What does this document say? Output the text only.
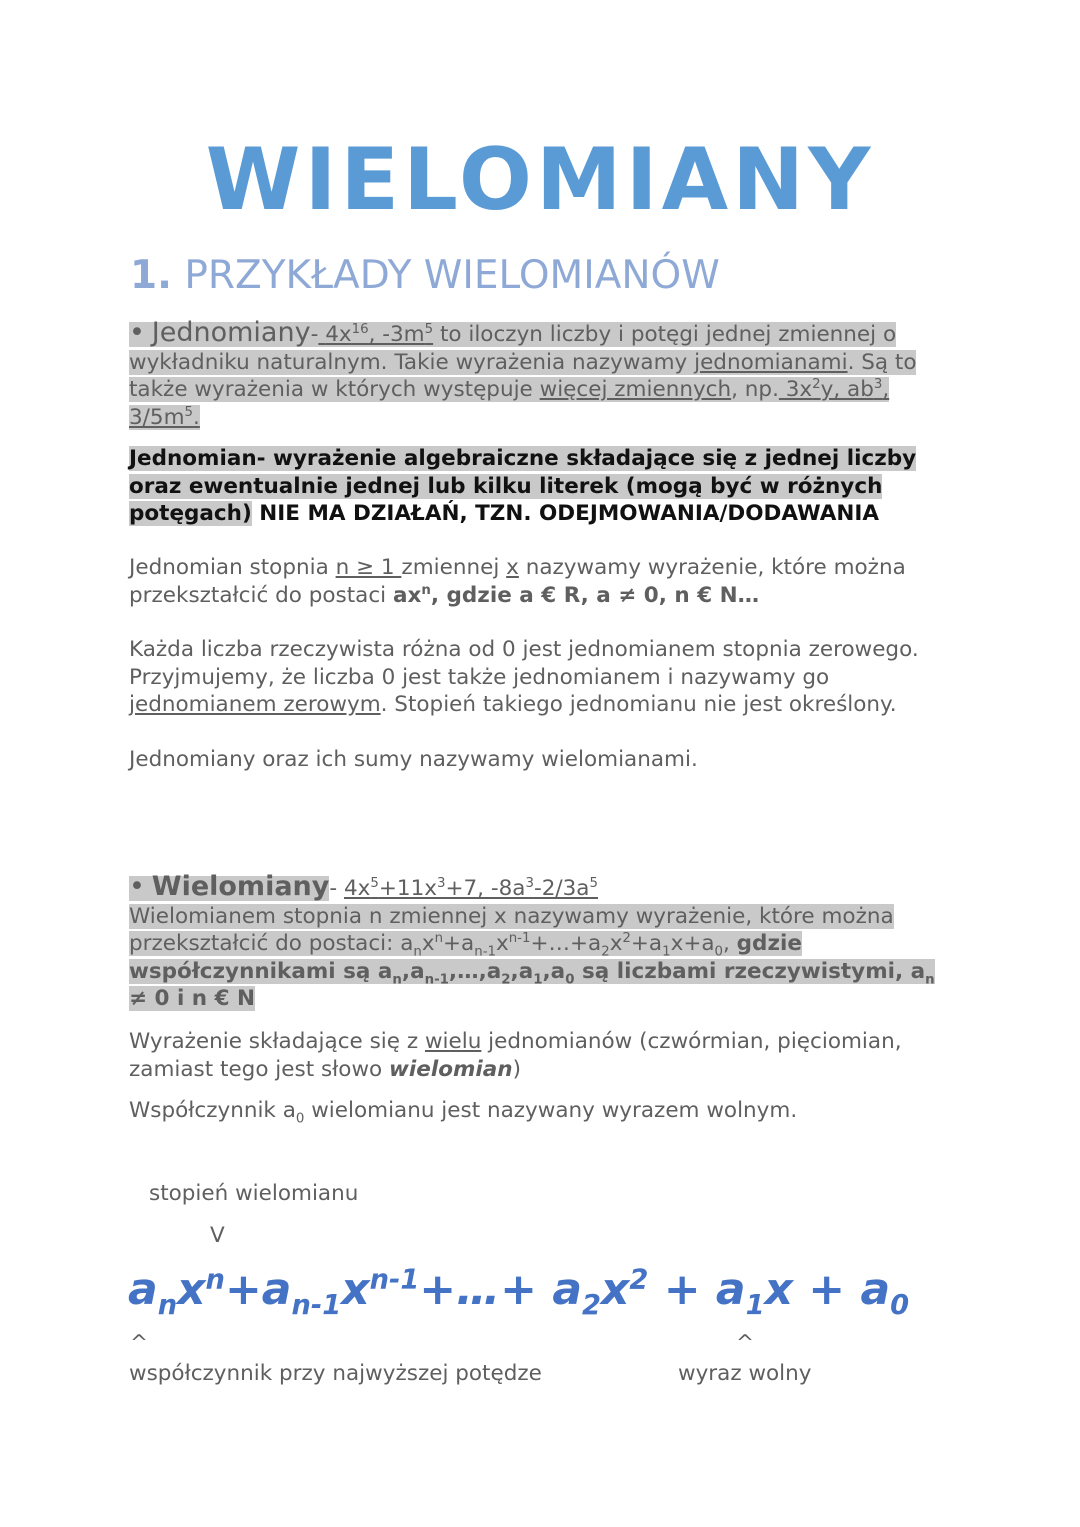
WIELOMIANY
1. PRZYKŁADY WIELOMIANÓW
• Jednomiany- $4x^{16}$, $-3m^5$ to iloczyn liczby i potęgi jednej zmiennej o wykładniku naturalnym. Takie wyrażenia nazywamy jednomianami. Są to także wyrażenia w których występuje więcej zmiennych, np. $3x^2y$, $ab^3$, $3/5m^5$.
Jednomian- wyrażenie algebraiczne składające się z jednej liczby oraz ewentualnie jednej lub kilku literek (mogą być w różnych potęgach) NIE MA DZIAŁAŃ, TZN. ODEJMOWANIA/DODAWANIA
Jednomian stopnia n ≥ 1 zmiennej x nazywamy wyrażenie, które można przekształcić do postaci $ax^n$, gdzie a € R, a ≠ 0, n € N…
Każda liczba rzeczywista różna od 0 jest jednomianem stopnia zerowego. Przyjmujemy, że liczba 0 jest także jednomianem i nazywamy go jednomianem zerowym. Stopień takiego jednomianu nie jest określony.
Jednomiany oraz ich sumy nazywamy wielomianami.
• Wielomiany- $4x^5+11x^3+7$, $-8a^3-2/3a^5$
Wielomianem stopnia n zmiennej x nazywamy wyrażenie, które można przekształcić do postaci: $a_nx^n+a_{n-1}x^{n-1}+\dots+a_2x^2+a_1x+a_0$, gdzie współczynnikami są $a_n,a_{n-1},\dots,a_2,a_1,a_0$ są liczbami rzeczywistymi, $a_n \ne 0$ i n € N
Wyrażenie składające się z wielu jednomianów (czwórmian, pięciomian, zamiast tego jest słowo wielomian)
Współczynnik $a_0$ wielomianu jest nazywany wyrazem wolnym.
stopień wielomianu
V
$a_nx^n+a_{n-1}x^{n-1}+\dots+ a_2x^2 + a_1x + a_0$
^	^
współczynnik przy najwyższej potędze	wyraz wolny
